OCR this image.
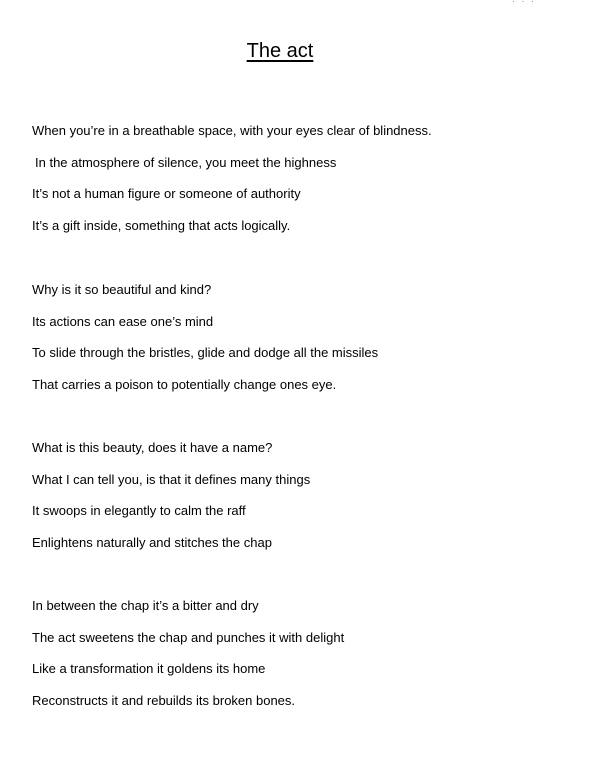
· · ·
The act
When you’re in a breathable space, with your eyes clear of blindness.
In the atmosphere of silence, you meet the highness
It’s not a human figure or someone of authority
It’s a gift inside, something that acts logically.
Why is it so beautiful and kind?
Its actions can ease one’s mind
To slide through the bristles, glide and dodge all the missiles
That carries a poison to potentially change ones eye.
What is this beauty, does it have a name?
What I can tell you, is that it defines many things
It swoops in elegantly to calm the raff
Enlightens naturally and stitches the chap
In between the chap it’s a bitter and dry
The act sweetens the chap and punches it with delight
Like a transformation it goldens its home
Reconstructs it and rebuilds its broken bones.
